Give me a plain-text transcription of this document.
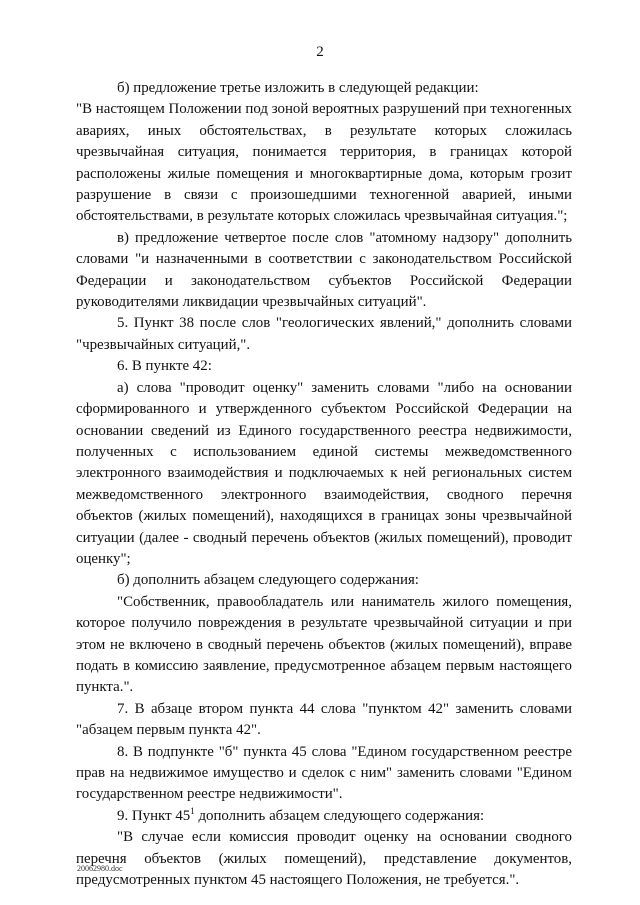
2

б) предложение третье изложить в следующей редакции:

"В настоящем Положении под зоной вероятных разрушений при техногенных авариях, иных обстоятельствах, в результате которых сложилась чрезвычайная ситуация, понимается территория, в границах которой расположены жилые помещения и многоквартирные дома, которым грозит разрушение в связи с произошедшими техногенной аварией, иными обстоятельствами, в результате которых сложилась чрезвычайная ситуация.";

в) предложение четвертое после слов "атомному надзору" дополнить словами "и назначенными в соответствии с законодательством Российской Федерации и законодательством субъектов Российской Федерации руководителями ликвидации чрезвычайных ситуаций".

5. Пункт 38 после слов "геологических явлений," дополнить словами "чрезвычайных ситуаций,".

6. В пункте 42:

а) слова "проводит оценку" заменить словами "либо на основании сформированного и утвержденного субъектом Российской Федерации на основании сведений из Единого государственного реестра недвижимости, полученных с использованием единой системы межведомственного электронного взаимодействия и подключаемых к ней региональных систем межведомственного электронного взаимодействия, сводного перечня объектов (жилых помещений), находящихся в границах зоны чрезвычайной ситуации (далее - сводный перечень объектов (жилых помещений), проводит оценку";

б) дополнить абзацем следующего содержания:

"Собственник, правообладатель или наниматель жилого помещения, которое получило повреждения в результате чрезвычайной ситуации и при этом не включено в сводный перечень объектов (жилых помещений), вправе подать в комиссию заявление, предусмотренное абзацем первым настоящего пункта.".

7. В абзаце втором пункта 44 слова "пунктом 42" заменить словами "абзацем первым пункта 42".

8. В подпункте "б" пункта 45 слова "Едином государственном реестре прав на недвижимое имущество и сделок с ним" заменить словами "Едином государственном реестре недвижимости".

9. Пункт $45^1$ дополнить абзацем следующего содержания:

"В случае если комиссия проводит оценку на основании сводного перечня объектов (жилых помещений), представление документов, предусмотренных пунктом 45 настоящего Положения, не требуется.".

20062980.doc
